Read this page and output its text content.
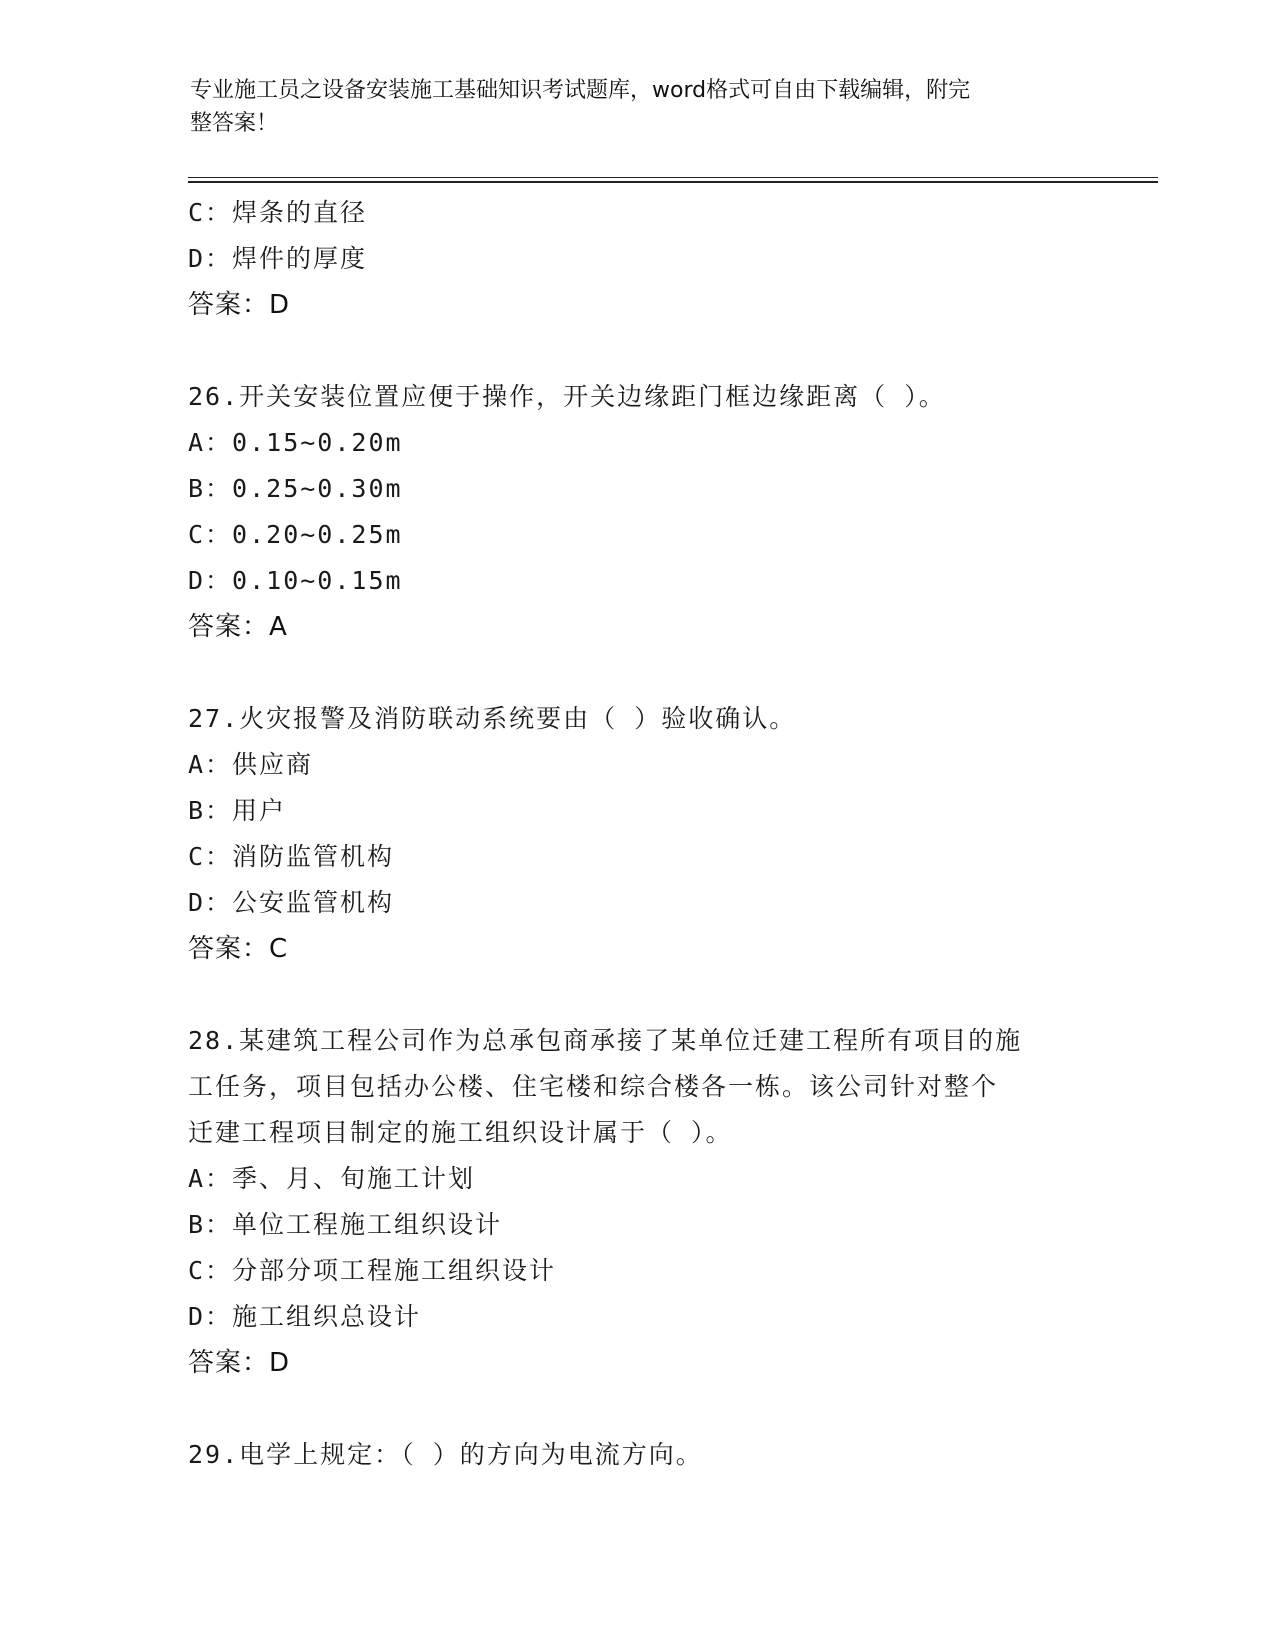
专业施工员之设备安装施工基础知识考试题库，word格式可自由下载编辑，附完
整答案！
C：焊条的直径
D：焊件的厚度
答案：D
26.开关安装位置应便于操作，开关边缘距门框边缘距离（ ）。
A：0.15~0.20m
B：0.25~0.30m
C：0.20~0.25m
D：0.10~0.15m
答案：A
27.火灾报警及消防联动系统要由（ ）验收确认。
A：供应商
B：用户
C：消防监管机构
D：公安监管机构
答案：C
28.某建筑工程公司作为总承包商承接了某单位迁建工程所有项目的施
工任务，项目包括办公楼、住宅楼和综合楼各一栋。该公司针对整个
迁建工程项目制定的施工组织设计属于（ ）。
A：季、月、旬施工计划
B：单位工程施工组织设计
C：分部分项工程施工组织设计
D：施工组织总设计
答案：D
29.电学上规定：（ ）的方向为电流方向。
